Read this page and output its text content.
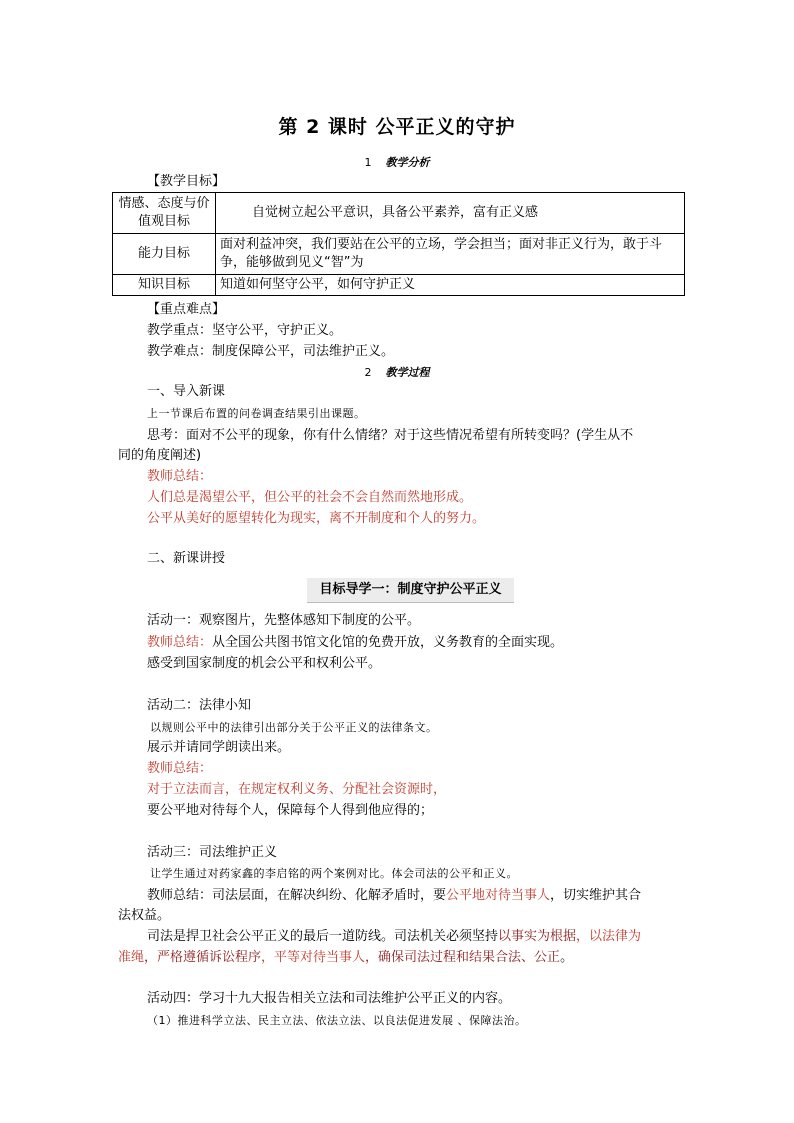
第 2 课时 公平正义的守护
1 教学分析
【教学目标】
情感、态度与价值观目标	自觉树立起公平意识，具备公平素养，富有正义感
能力目标	面对利益冲突，我们要站在公平的立场，学会担当；面对非正义行为，敢于斗争，能够做到见义“智”为
知识目标	知道如何坚守公平，如何守护正义
【重点难点】
教学重点：坚守公平，守护正义。
教学难点：制度保障公平，司法维护正义。
2 教学过程
一、导入新课
上一节课后布置的问卷调查结果引出课题。
思考：面对不公平的现象，你有什么情绪？对于这些情况希望有所转变吗？(学生从不
同的角度阐述)
教师总结：
人们总是渴望公平，但公平的社会不会自然而然地形成。
公平从美好的愿望转化为现实，离不开制度和个人的努力。
二、新课讲授
目标导学一：制度守护公平正义
活动一：观察图片，先整体感知下制度的公平。
教师总结：从全国公共图书馆文化馆的免费开放，义务教育的全面实现。
感受到国家制度的机会公平和权利公平。
活动二：法律小知
以规则公平中的法律引出部分关于公平正义的法律条文。
展示并请同学朗读出来。
教师总结：
对于立法而言，在规定权利义务、分配社会资源时，
要公平地对待每个人，保障每个人得到他应得的；
活动三：司法维护正义
让学生通过对药家鑫的李启铭的两个案例对比。体会司法的公平和正义。
教师总结：司法层面，在解决纠纷、化解矛盾时，要公平地对待当事人，切实维护其合
法权益。
司法是捍卫社会公平正义的最后一道防线。司法机关必须坚持以事实为根据，以法律为
准绳，严格遵循诉讼程序，平等对待当事人，确保司法过程和结果合法、公正。
活动四：学习十九大报告相关立法和司法维护公平正义的内容。
（1）推进科学立法、民主立法、依法立法、以良法促进发展 、保障法治。
